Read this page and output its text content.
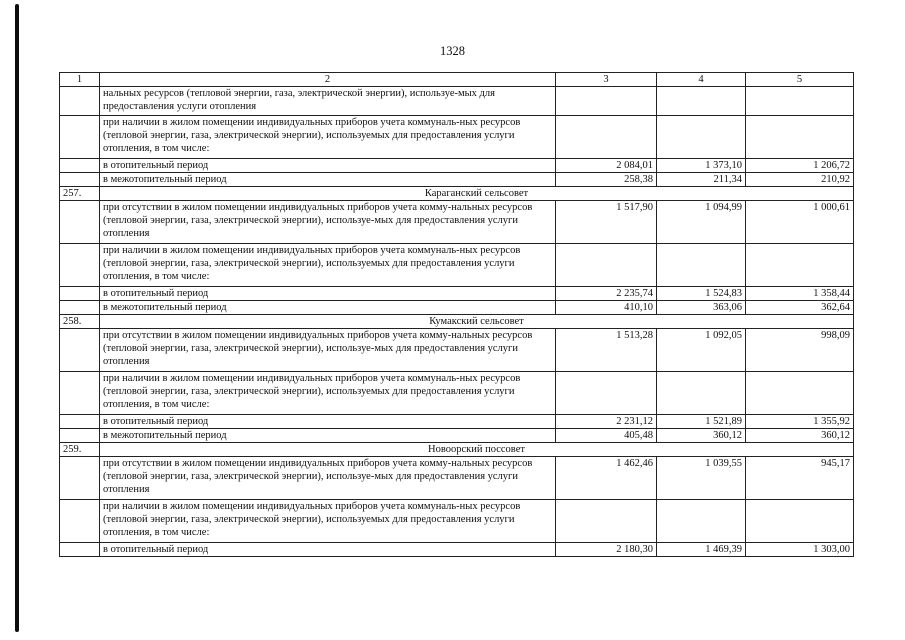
1328
1	2	3	4	5
	нальных ресурсов (тепловой энергии, газа, электрической энергии), используе-мых для предоставления услуги отопления			
	при наличии в жилом помещении индивидуальных приборов учета коммуналь-ных ресурсов (тепловой энергии, газа, электрической энергии), используемых для предоставления услуги отопления, в том числе:			
	в отопительный период	2 084,01	1 373,10	1 206,72
	в межотопительный период	258,38	211,34	210,92
257.	Караганский сельсовет			
	при отсутствии в жилом помещении индивидуальных приборов учета комму-нальных ресурсов (тепловой энергии, газа, электрической энергии), используе-мых для предоставления услуги отопления	1 517,90	1 094,99	1 000,61
	при наличии в жилом помещении индивидуальных приборов учета коммуналь-ных ресурсов (тепловой энергии, газа, электрической энергии), используемых для предоставления услуги отопления, в том числе:			
	в отопительный период	2 235,74	1 524,83	1 358,44
	в межотопительный период	410,10	363,06	362,64
258.	Кумакский сельсовет			
	при отсутствии в жилом помещении индивидуальных приборов учета комму-нальных ресурсов (тепловой энергии, газа, электрической энергии), используе-мых для предоставления услуги отопления	1 513,28	1 092,05	998,09
	при наличии в жилом помещении индивидуальных приборов учета коммуналь-ных ресурсов (тепловой энергии, газа, электрической энергии), используемых для предоставления услуги отопления, в том числе:			
	в отопительный период	2 231,12	1 521,89	1 355,92
	в межотопительный период	405,48	360,12	360,12
259.	Новоорский поссовет			
	при отсутствии в жилом помещении индивидуальных приборов учета комму-нальных ресурсов (тепловой энергии, газа, электрической энергии), используе-мых для предоставления услуги отопления	1 462,46	1 039,55	945,17
	при наличии в жилом помещении индивидуальных приборов учета коммуналь-ных ресурсов (тепловой энергии, газа, электрической энергии), используемых для предоставления услуги отопления, в том числе:			
	в отопительный период	2 180,30	1 469,39	1 303,00
